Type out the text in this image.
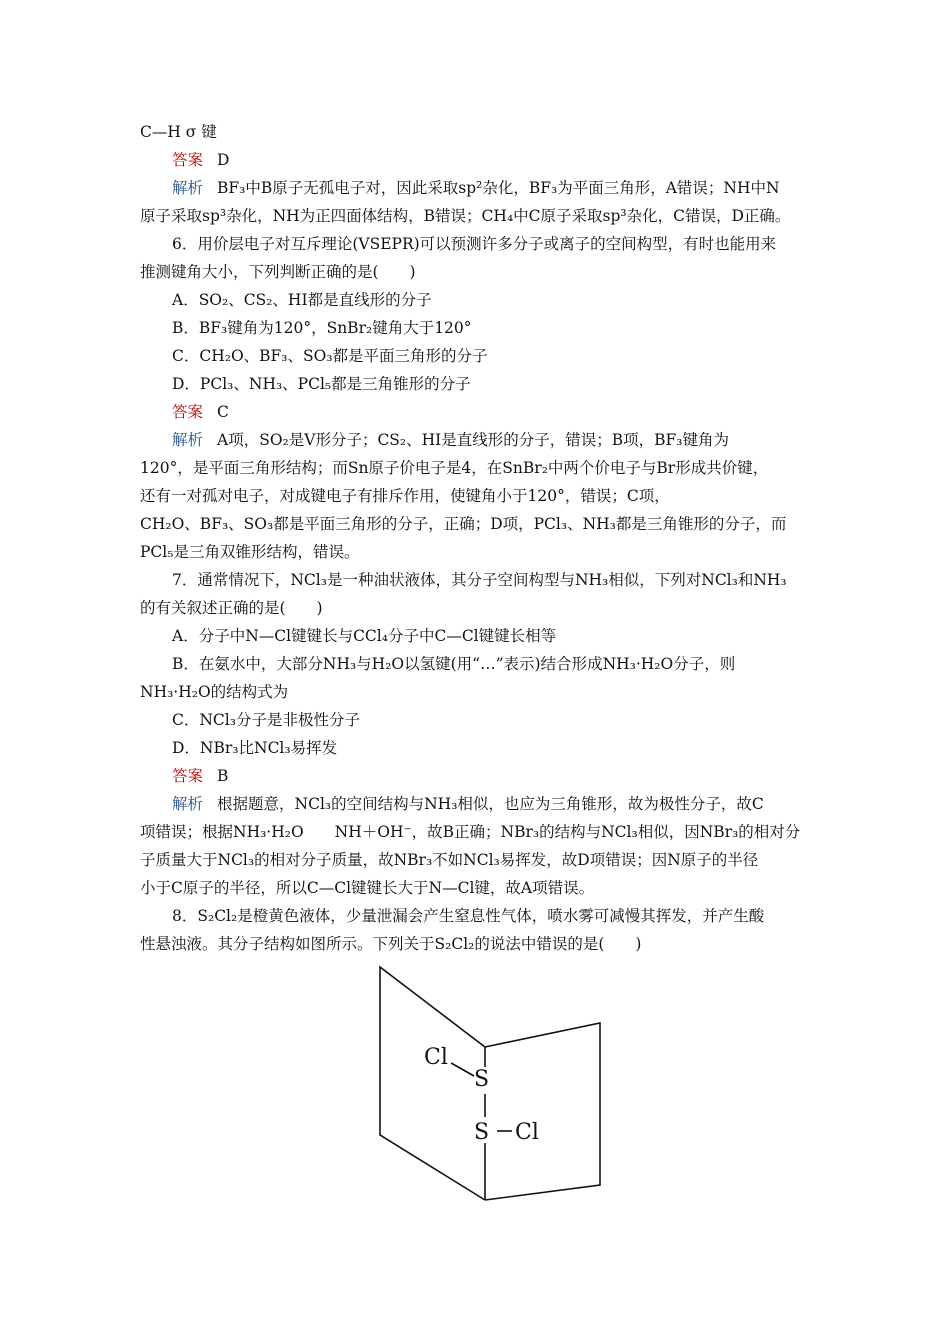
C—H σ 键
答案 D
解析 BF₃中B原子无孤电子对，因此采取sp²杂化，BF₃为平面三角形，A错误；NH中N
原子采取sp³杂化，NH为正四面体结构，B错误；CH₄中C原子采取sp³杂化，C错误，D正确。
6．用价层电子对互斥理论(VSEPR)可以预测许多分子或离子的空间构型，有时也能用来
推测键角大小，下列判断正确的是(　　)
A．SO₂、CS₂、HI都是直线形的分子
B．BF₃键角为120°，SnBr₂键角大于120°
C．CH₂O、BF₃、SO₃都是平面三角形的分子
D．PCl₃、NH₃、PCl₅都是三角锥形的分子
答案 C
解析 A项，SO₂是V形分子；CS₂、HI是直线形的分子，错误；B项，BF₃键角为
120°，是平面三角形结构；而Sn原子价电子是4，在SnBr₂中两个价电子与Br形成共价键，
还有一对孤对电子，对成键电子有排斥作用，使键角小于120°，错误；C项，
CH₂O、BF₃、SO₃都是平面三角形的分子，正确；D项，PCl₃、NH₃都是三角锥形的分子，而
PCl₅是三角双锥形结构，错误。
7．通常情况下，NCl₃是一种油状液体，其分子空间构型与NH₃相似，下列对NCl₃和NH₃
的有关叙述正确的是(　　)
A．分子中N—Cl键键长与CCl₄分子中C—Cl键键长相等
B．在氨水中，大部分NH₃与H₂O以氢键(用“…”表示)结合形成NH₃·H₂O分子，则
NH₃·H₂O的结构式为
C．NCl₃分子是非极性分子
D．NBr₃比NCl₃易挥发
答案 B
解析 根据题意，NCl₃的空间结构与NH₃相似，也应为三角锥形，故为极性分子，故C
项错误；根据NH₃·H₂O　　NH＋OH⁻，故B正确；NBr₃的结构与NCl₃相似，因NBr₃的相对分
子质量大于NCl₃的相对分子质量，故NBr₃不如NCl₃易挥发，故D项错误；因N原子的半径
小于C原子的半径，所以C—Cl键键长大于N—Cl键，故A项错误。
8．S₂Cl₂是橙黄色液体，少量泄漏会产生窒息性气体，喷水雾可减慢其挥发，并产生酸
性悬浊液。其分子结构如图所示。下列关于S₂Cl₂的说法中错误的是(　　)
Cl
S
S Cl
